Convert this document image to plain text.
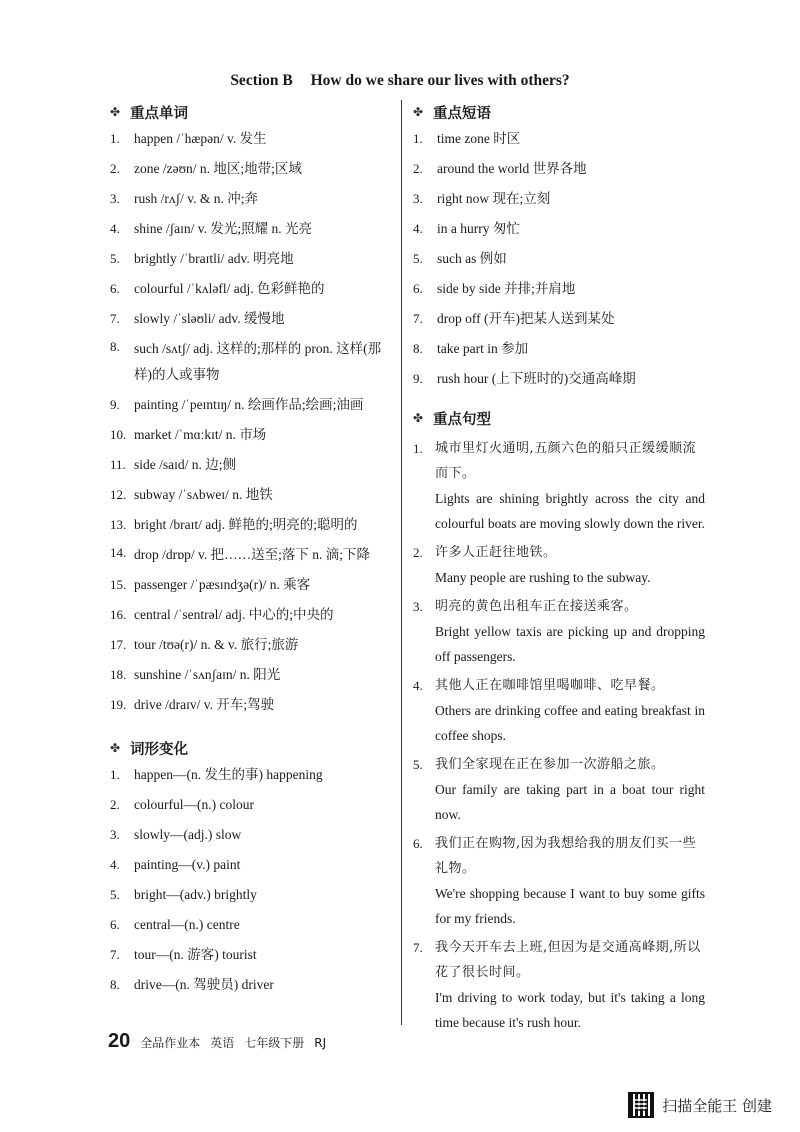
Section B How do we share our lives with others?
✤ 重点单词
1. happen /ˈhæpən/ v. 发生
2. zone /zəʊn/ n. 地区;地带;区域
3. rush /rʌʃ/ v. & n. 冲;奔
4. shine /ʃaɪn/ v. 发光;照耀 n. 光亮
5. brightly /ˈbraɪtli/ adv. 明亮地
6. colourful /ˈkʌləfl/ adj. 色彩鲜艳的
7. slowly /ˈsləʊli/ adv. 缓慢地
8. such /sʌtʃ/ adj. 这样的;那样的 pron. 这样(那样)的人或事物
9. painting /ˈpeɪntɪŋ/ n. 绘画作品;绘画;油画
10. market /ˈmɑːkɪt/ n. 市场
11. side /saɪd/ n. 边;侧
12. subway /ˈsʌbweɪ/ n. 地铁
13. bright /braɪt/ adj. 鲜艳的;明亮的;聪明的
14. drop /drɒp/ v. 把……送至;落下 n. 滴;下降
15. passenger /ˈpæsɪndʒə(r)/ n. 乘客
16. central /ˈsentrəl/ adj. 中心的;中央的
17. tour /tʊə(r)/ n. & v. 旅行;旅游
18. sunshine /ˈsʌnʃaɪn/ n. 阳光
19. drive /draɪv/ v. 开车;驾驶
✤ 词形变化
1. happen—(n. 发生的事) happening
2. colourful—(n.) colour
3. slowly—(adj.) slow
4. painting—(v.) paint
5. bright—(adv.) brightly
6. central—(n.) centre
7. tour—(n. 游客) tourist
8. drive—(n. 驾驶员) driver
✤ 重点短语
1. time zone 时区
2. around the world 世界各地
3. right now 现在;立刻
4. in a hurry 匆忙
5. such as 例如
6. side by side 并排;并肩地
7. drop off (开车)把某人送到某处
8. take part in 参加
9. rush hour (上下班时的)交通高峰期
✤ 重点句型
1. 城市里灯火通明,五颜六色的船只正缓缓顺流而下。
Lights are shining brightly across the city and colourful boats are moving slowly down the river.
2. 许多人正赶往地铁。
Many people are rushing to the subway.
3. 明亮的黄色出租车正在接送乘客。
Bright yellow taxis are picking up and dropping off passengers.
4. 其他人正在咖啡馆里喝咖啡、吃早餐。
Others are drinking coffee and eating breakfast in coffee shops.
5. 我们全家现在正在参加一次游船之旅。
Our family are taking part in a boat tour right now.
6. 我们正在购物,因为我想给我的朋友们买一些礼物。
We're shopping because I want to buy some gifts for my friends.
7. 我今天开车去上班,但因为是交通高峰期,所以花了很长时间。
I'm driving to work today, but it's taking a long time because it's rush hour.
20 全品作业本 英语 七年级下册 RJ
扫描全能王 创建
